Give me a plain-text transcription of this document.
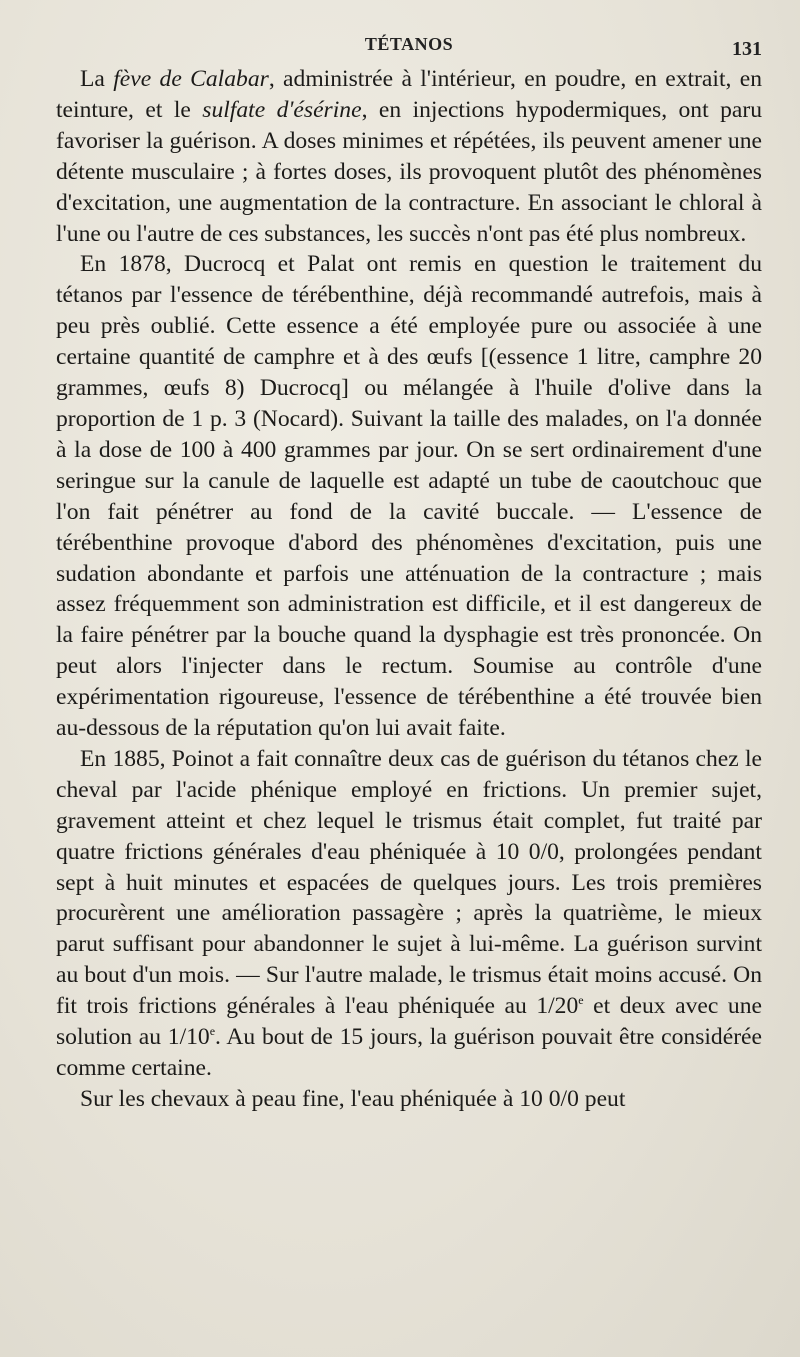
TÉTANOS	131

La fève de Calabar, administrée à l'intérieur, en poudre, en extrait, en teinture, et le sulfate d'ésérine, en injections hypodermiques, ont paru favoriser la guérison. A doses minimes et répétées, ils peuvent amener une détente musculaire ; à fortes doses, ils provoquent plutôt des phénomènes d'excitation, une augmentation de la contracture. En associant le chloral à l'une ou l'autre de ces substances, les succès n'ont pas été plus nombreux.

En 1878, Ducrocq et Palat ont remis en question le traitement du tétanos par l'essence de térébenthine, déjà recommandé autrefois, mais à peu près oublié. Cette essence a été employée pure ou associée à une certaine quantité de camphre et à des œufs [(essence 1 litre, camphre 20 grammes, œufs 8) Ducrocq] ou mélangée à l'huile d'olive dans la proportion de 1 p. 3 (Nocard). Suivant la taille des malades, on l'a donnée à la dose de 100 à 400 grammes par jour. On se sert ordinairement d'une seringue sur la canule de laquelle est adapté un tube de caoutchouc que l'on fait pénétrer au fond de la cavité buccale. — L'essence de térébenthine provoque d'abord des phénomènes d'excitation, puis une sudation abondante et parfois une atténuation de la contracture ; mais assez fréquemment son administration est difficile, et il est dangereux de la faire pénétrer par la bouche quand la dysphagie est très prononcée. On peut alors l'injecter dans le rectum. Soumise au contrôle d'une expérimentation rigoureuse, l'essence de térébenthine a été trouvée bien au-dessous de la réputation qu'on lui avait faite.

En 1885, Poinot a fait connaître deux cas de guérison du tétanos chez le cheval par l'acide phénique employé en frictions. Un premier sujet, gravement atteint et chez lequel le trismus était complet, fut traité par quatre frictions générales d'eau phéniquée à 10 0/0, prolongées pendant sept à huit minutes et espacées de quelques jours. Les trois premières procurèrent une amélioration passagère ; après la quatrième, le mieux parut suffisant pour abandonner le sujet à lui-même. La guérison survint au bout d'un mois. — Sur l'autre malade, le trismus était moins accusé. On fit trois frictions générales à l'eau phéniquée au 1/20e et deux avec une solution au 1/10e. Au bout de 15 jours, la guérison pouvait être considérée comme certaine.

Sur les chevaux à peau fine, l'eau phéniquée à 10 0/0 peut
